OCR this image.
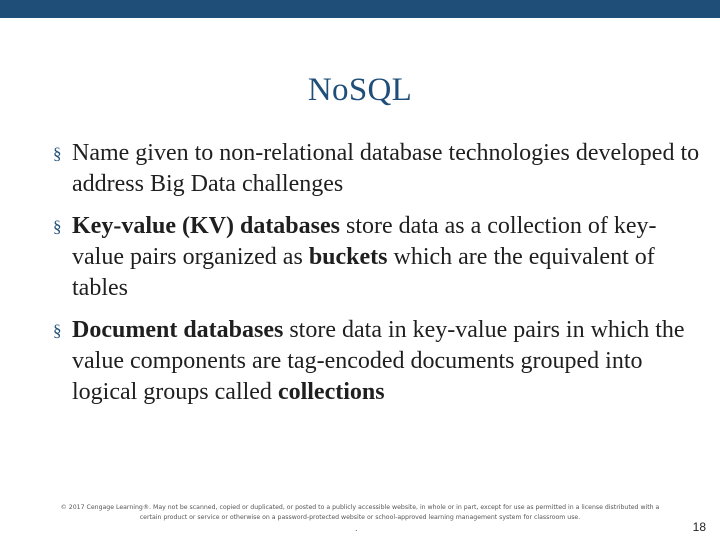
NoSQL
§ Name given to non-relational database technologies developed to address Big Data challenges
§ Key-value (KV) databases store data as a collection of key-value pairs organized as buckets which are the equivalent of tables
§ Document databases store data in key-value pairs in which the value components are tag-encoded documents grouped into logical groups called collections
© 2017 Cengage Learning®. May not be scanned, copied or duplicated, or posted to a publicly accessible website, in whole or in part, except for use as permitted in a license distributed with a certain product or service or otherwise on a password-protected website or school-approved learning management system for classroom use.
.	18
